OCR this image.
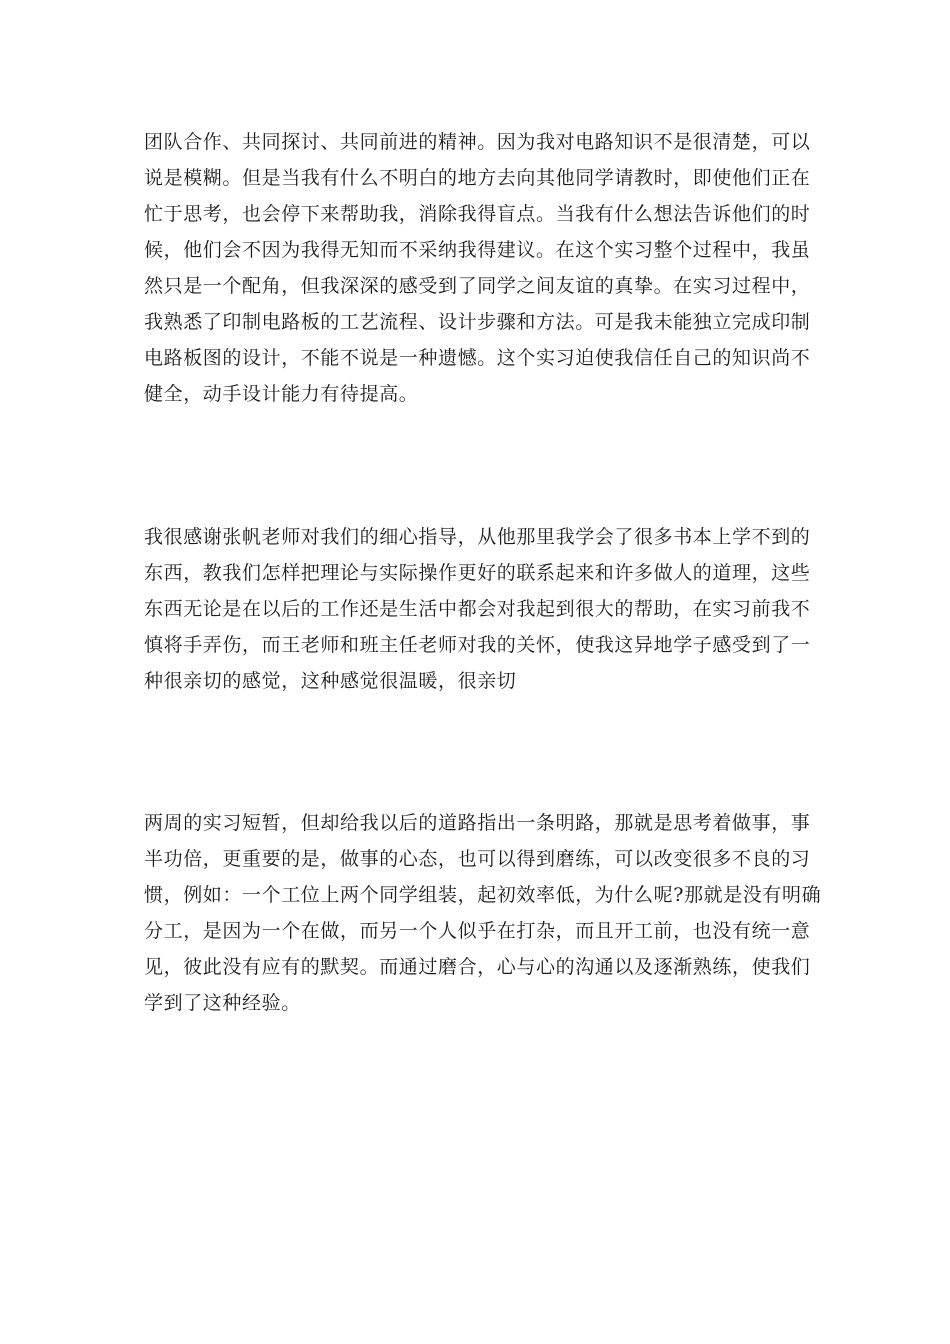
团队合作、共同探讨、共同前进的精神。因为我对电路知识不是很清楚，可以
说是模糊。但是当我有什么不明白的地方去向其他同学请教时，即使他们正在
忙于思考，也会停下来帮助我，消除我得盲点。当我有什么想法告诉他们的时
候，他们会不因为我得无知而不采纳我得建议。在这个实习整个过程中，我虽
然只是一个配角，但我深深的感受到了同学之间友谊的真挚。在实习过程中，
我熟悉了印制电路板的工艺流程、设计步骤和方法。可是我未能独立完成印制
电路板图的设计，不能不说是一种遗憾。这个实习迫使我信任自己的知识尚不
健全，动手设计能力有待提高。

我很感谢张帆老师对我们的细心指导，从他那里我学会了很多书本上学不到的
东西，教我们怎样把理论与实际操作更好的联系起来和许多做人的道理，这些
东西无论是在以后的工作还是生活中都会对我起到很大的帮助，在实习前我不
慎将手弄伤，而王老师和班主任老师对我的关怀，使我这异地学子感受到了一
种很亲切的感觉，这种感觉很温暖，很亲切

两周的实习短暂，但却给我以后的道路指出一条明路，那就是思考着做事，事
半功倍，更重要的是，做事的心态，也可以得到磨练，可以改变很多不良的习
惯，例如：一个工位上两个同学组装，起初效率低，为什么呢?那就是没有明确
分工，是因为一个在做，而另一个人似乎在打杂，而且开工前，也没有统一意
见，彼此没有应有的默契。而通过磨合，心与心的沟通以及逐渐熟练，使我们
学到了这种经验。
